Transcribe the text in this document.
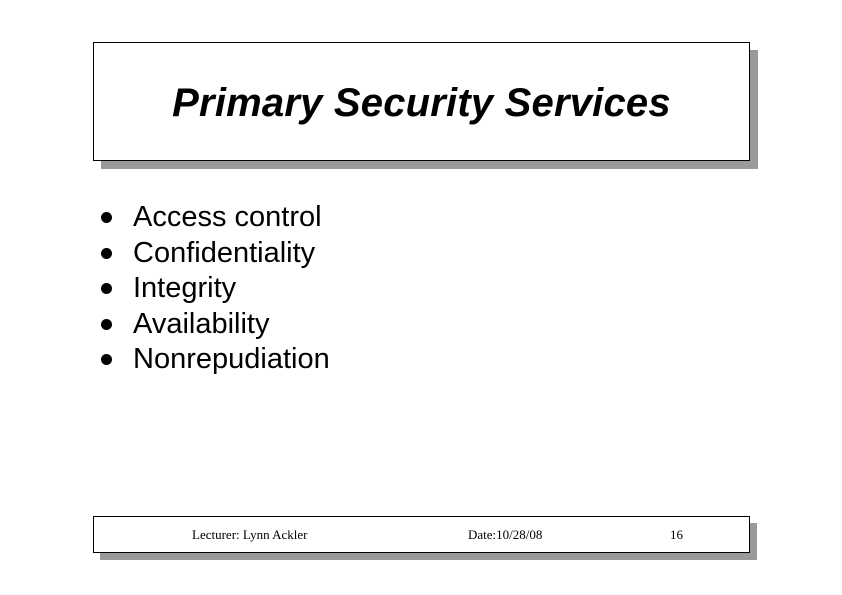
Primary Security Services
Access control
Confidentiality
Integrity
Availability
Nonrepudiation
Lecturer: Lynn Ackler	Date:10/28/08	16
